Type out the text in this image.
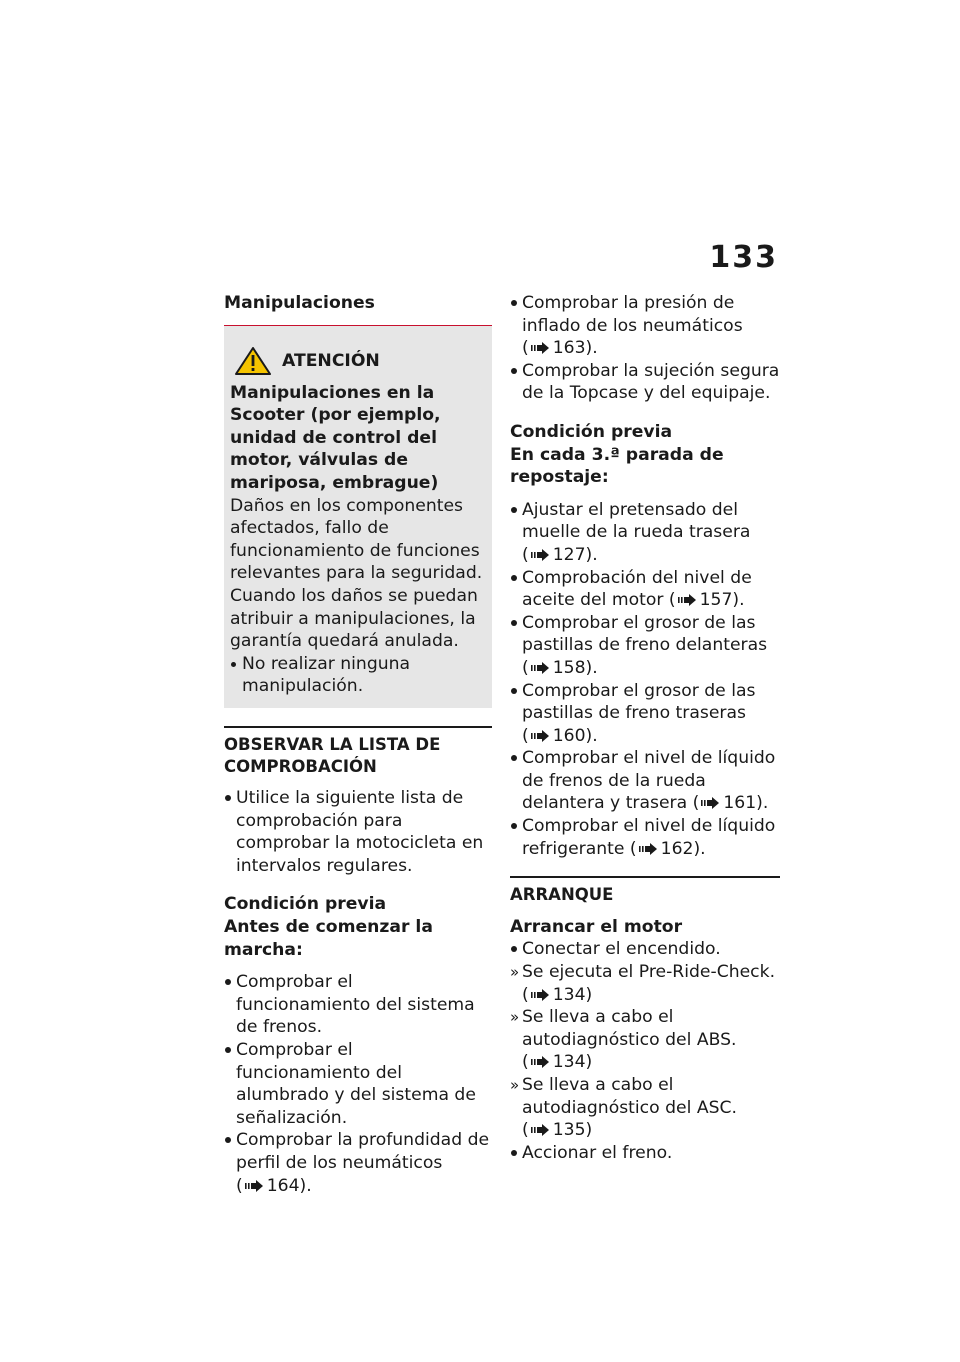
133

Manipulaciones

ATENCIÓN
Manipulaciones en la Scooter (por ejemplo, unidad de control del motor, válvulas de mariposa, embrague)
Daños en los componentes afectados, fallo de funcionamiento de funciones relevantes para la seguridad. Cuando los daños se puedan atribuir a manipulaciones, la garantía quedará anulada.
No realizar ninguna manipulación.

OBSERVAR LA LISTA DE COMPROBACIÓN

Utilice la siguiente lista de comprobación para comprobar la motocicleta en intervalos regulares.
Condición previa
Antes de comenzar la marcha:
Comprobar el funcionamiento del sistema de frenos.
Comprobar el funcionamiento del alumbrado y del sistema de señalización.
Comprobar la profundidad de perfil de los neumáticos ( 164).
Comprobar la presión de inflado de los neumáticos ( 163).
Comprobar la sujeción segura de la Topcase y del equipaje.
Condición previa
En cada 3.ª parada de repostaje:
Ajustar el pretensado del muelle de la rueda trasera ( 127).
Comprobación del nivel de aceite del motor ( 157).
Comprobar el grosor de las pastillas de freno delanteras ( 158).
Comprobar el grosor de las pastillas de freno traseras ( 160).
Comprobar el nivel de líquido de frenos de la rueda delantera y trasera ( 161).
Comprobar el nivel de líquido refrigerante ( 162).

ARRANQUE

Arrancar el motor
Conectar el encendido.
» Se ejecuta el Pre-Ride-Check. ( 134)
» Se lleva a cabo el autodiagnóstico del ABS. ( 134)
» Se lleva a cabo el autodiagnóstico del ASC. ( 135)
Accionar el freno.
